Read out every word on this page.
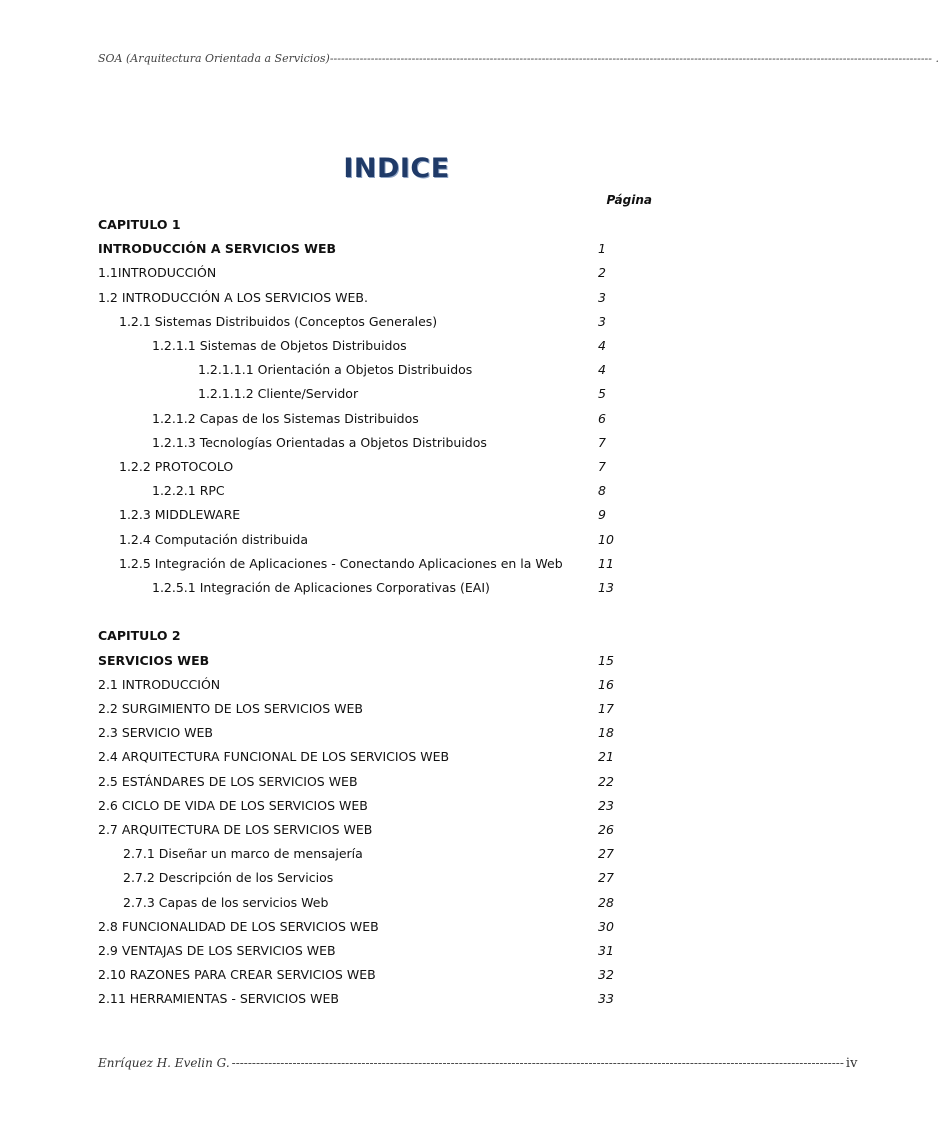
SOA (Arquitectura Orientada a Servicios)------------------------------------------------------------------------------------------------------------------------------------------------------------------ .
INDICE
Página
CAPITULO 1
INTRODUCCIÓN A SERVICIOS WEB	1
1.1INTRODUCCIÓN	2
1.2 INTRODUCCIÓN A LOS SERVICIOS WEB.	3
1.2.1 Sistemas Distribuidos (Conceptos Generales)	3
1.2.1.1 Sistemas de Objetos Distribuidos	4
1.2.1.1.1 Orientación a Objetos Distribuidos	4
1.2.1.1.2 Cliente/Servidor	5
1.2.1.2 Capas de los Sistemas Distribuidos	6
1.2.1.3 Tecnologías Orientadas a Objetos Distribuidos	7
1.2.2 PROTOCOLO	7
1.2.2.1 RPC	8
1.2.3 MIDDLEWARE	9
1.2.4 Computación distribuida	10
1.2.5 Integración de Aplicaciones - Conectando Aplicaciones en la Web	11
1.2.5.1 Integración de Aplicaciones Corporativas (EAI)	13
CAPITULO 2
SERVICIOS WEB	15
2.1 INTRODUCCIÓN	16
2.2 SURGIMIENTO DE LOS SERVICIOS WEB	17
2.3 SERVICIO WEB	18
2.4 ARQUITECTURA FUNCIONAL DE LOS SERVICIOS WEB	21
2.5 ESTÁNDARES DE LOS SERVICIOS WEB	22
2.6 CICLO DE VIDA DE LOS SERVICIOS WEB	23
2.7 ARQUITECTURA DE LOS SERVICIOS WEB	26
2.7.1 Diseñar un marco de mensajería	27
2.7.2 Descripción de los Servicios	27
2.7.3 Capas de los servicios Web	28
2.8 FUNCIONALIDAD DE LOS SERVICIOS WEB	30
2.9 VENTAJAS DE LOS SERVICIOS WEB	31
2.10 RAZONES PARA CREAR SERVICIOS WEB	32
2.11 HERRAMIENTAS - SERVICIOS WEB	33
Enríquez H. Evelin G. ------------------------------------------------------------------------------------------------------------------------------------------------------- iv
